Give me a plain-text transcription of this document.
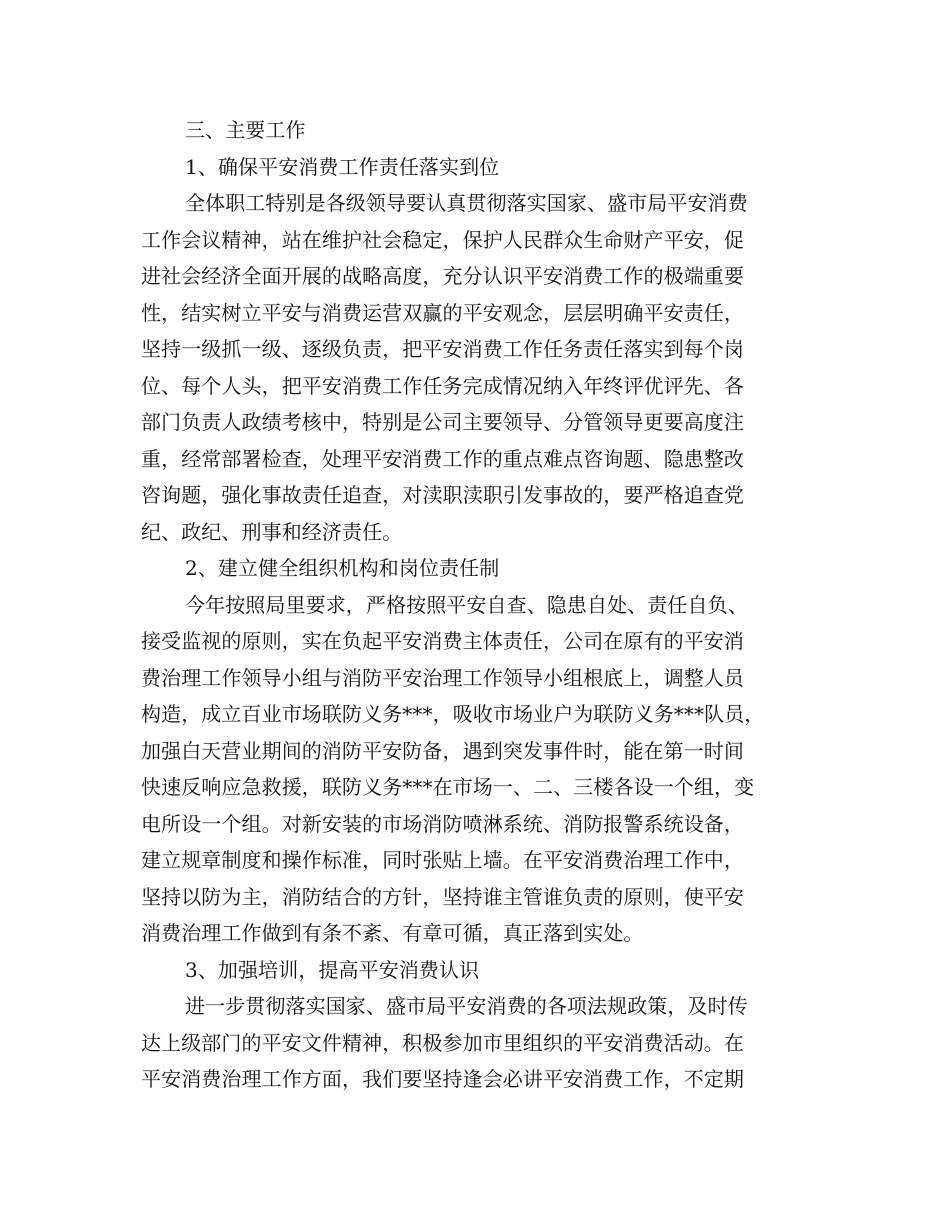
三、主要工作
1、确保平安消费工作责任落实到位
全体职工特别是各级领导要认真贯彻落实国家、盛市局平安消费
工作会议精神，站在维护社会稳定，保护人民群众生命财产平安，促
进社会经济全面开展的战略高度，充分认识平安消费工作的极端重要
性，结实树立平安与消费运营双赢的平安观念，层层明确平安责任，
坚持一级抓一级、逐级负责，把平安消费工作任务责任落实到每个岗
位、每个人头，把平安消费工作任务完成情况纳入年终评优评先、各
部门负责人政绩考核中，特别是公司主要领导、分管领导更要高度注
重，经常部署检查，处理平安消费工作的重点难点咨询题、隐患整改
咨询题，强化事故责任追查，对渎职渎职引发事故的，要严格追查党
纪、政纪、刑事和经济责任。
2、建立健全组织机构和岗位责任制
今年按照局里要求，严格按照平安自查、隐患自处、责任自负、
接受监视的原则，实在负起平安消费主体责任，公司在原有的平安消
费治理工作领导小组与消防平安治理工作领导小组根底上，调整人员
构造，成立百业市场联防义务***，吸收市场业户为联防义务***队员，
加强白天营业期间的消防平安防备，遇到突发事件时，能在第一时间
快速反响应急救援，联防义务***在市场一、二、三楼各设一个组，变
电所设一个组。对新安装的市场消防喷淋系统、消防报警系统设备，
建立规章制度和操作标准，同时张贴上墙。在平安消费治理工作中，
坚持以防为主，消防结合的方针，坚持谁主管谁负责的原则，使平安
消费治理工作做到有条不紊、有章可循，真正落到实处。
3、加强培训，提高平安消费认识
进一步贯彻落实国家、盛市局平安消费的各项法规政策，及时传
达上级部门的平安文件精神，积极参加市里组织的平安消费活动。在
平安消费治理工作方面，我们要坚持逢会必讲平安消费工作，不定期
